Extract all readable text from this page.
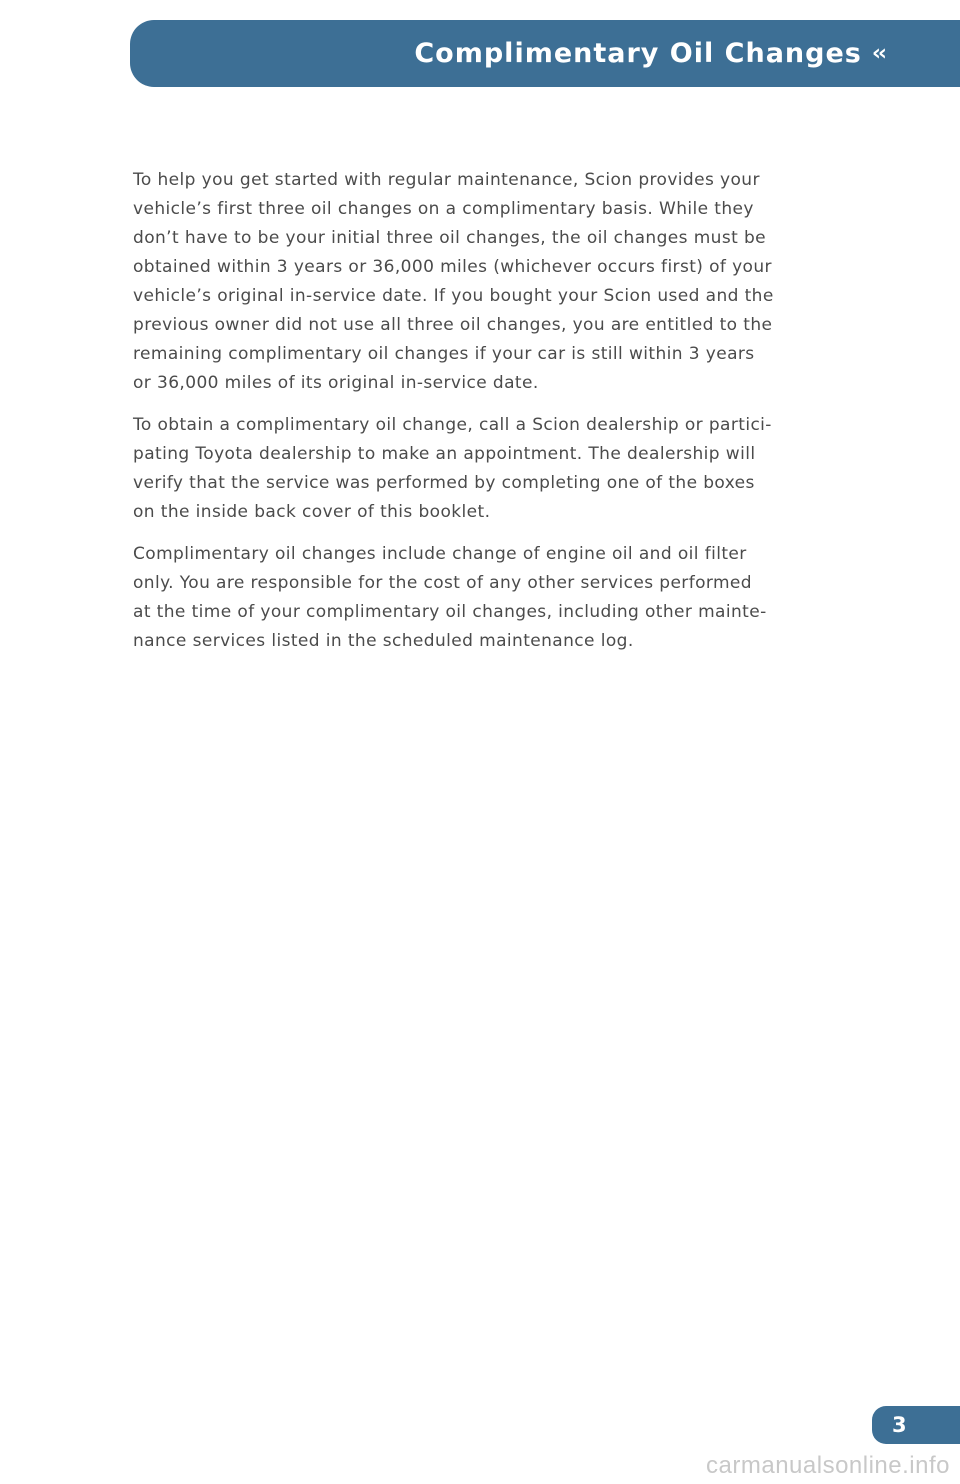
Complimentary Oil Changes ‹‹

To help you get started with regular maintenance, Scion provides your
vehicle’s first three oil changes on a complimentary basis. While they
don’t have to be your initial three oil changes, the oil changes must be
obtained within 3 years or 36,000 miles (whichever occurs first) of your
vehicle’s original in-service date. If you bought your Scion used and the
previous owner did not use all three oil changes, you are entitled to the
remaining complimentary oil changes if your car is still within 3 years
or 36,000 miles of its original in-service date.

To obtain a complimentary oil change, call a Scion dealership or partici-
pating Toyota dealership to make an appointment. The dealership will
verify that the service was performed by completing one of the boxes
on the inside back cover of this booklet.

Complimentary oil changes include change of engine oil and oil filter
only. You are responsible for the cost of any other services performed
at the time of your complimentary oil changes, including other mainte-
nance services listed in the scheduled maintenance log.

3
carmanualsonline.info
